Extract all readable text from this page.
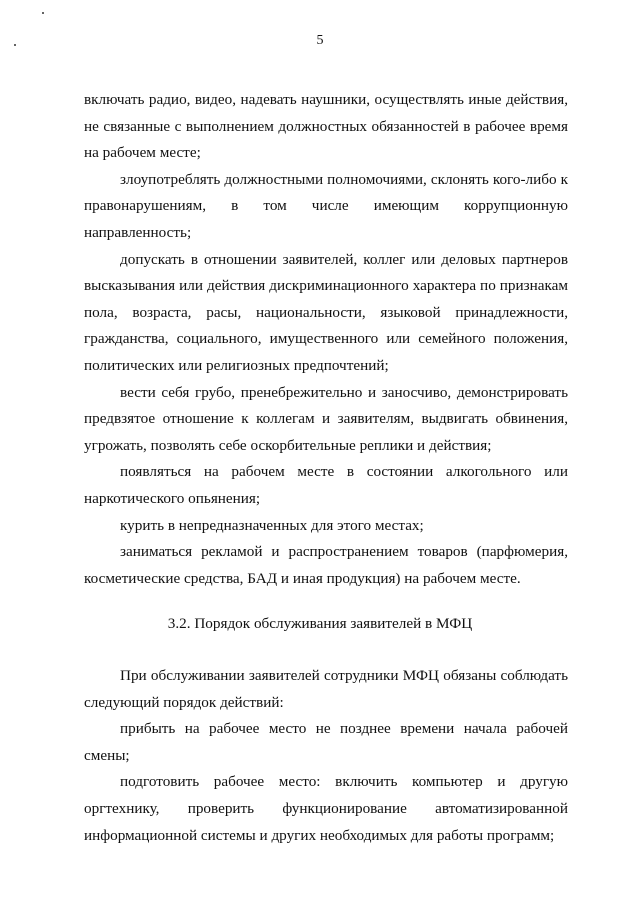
5

включать радио, видео, надевать наушники, осуществлять иные действия, не связанные с выполнением должностных обязанностей в рабочее время на рабочем месте;

злоупотреблять должностными полномочиями, склонять кого-либо к правонарушениям, в том числе имеющим коррупционную направленность;

допускать в отношении заявителей, коллег или деловых партнеров высказывания или действия дискриминационного характера по признакам пола, возраста, расы, национальности, языковой принадлежности, гражданства, социального, имущественного или семейного положения, политических или религиозных предпочтений;

вести себя грубо, пренебрежительно и заносчиво, демонстрировать предвзятое отношение к коллегам и заявителям, выдвигать обвинения, угрожать, позволять себе оскорбительные реплики и действия;

появляться на рабочем месте в состоянии алкогольного или наркотического опьянения;

курить в непредназначенных для этого местах;

заниматься рекламой и распространением товаров (парфюмерия, косметические средства, БАД и иная продукция) на рабочем месте.

3.2. Порядок обслуживания заявителей в МФЦ

При обслуживании заявителей сотрудники МФЦ обязаны соблюдать следующий порядок действий:

прибыть на рабочее место не позднее времени начала рабочей смены;

подготовить рабочее место: включить компьютер и другую оргтехнику, проверить функционирование автоматизированной информационной системы и других необходимых для работы программ;
